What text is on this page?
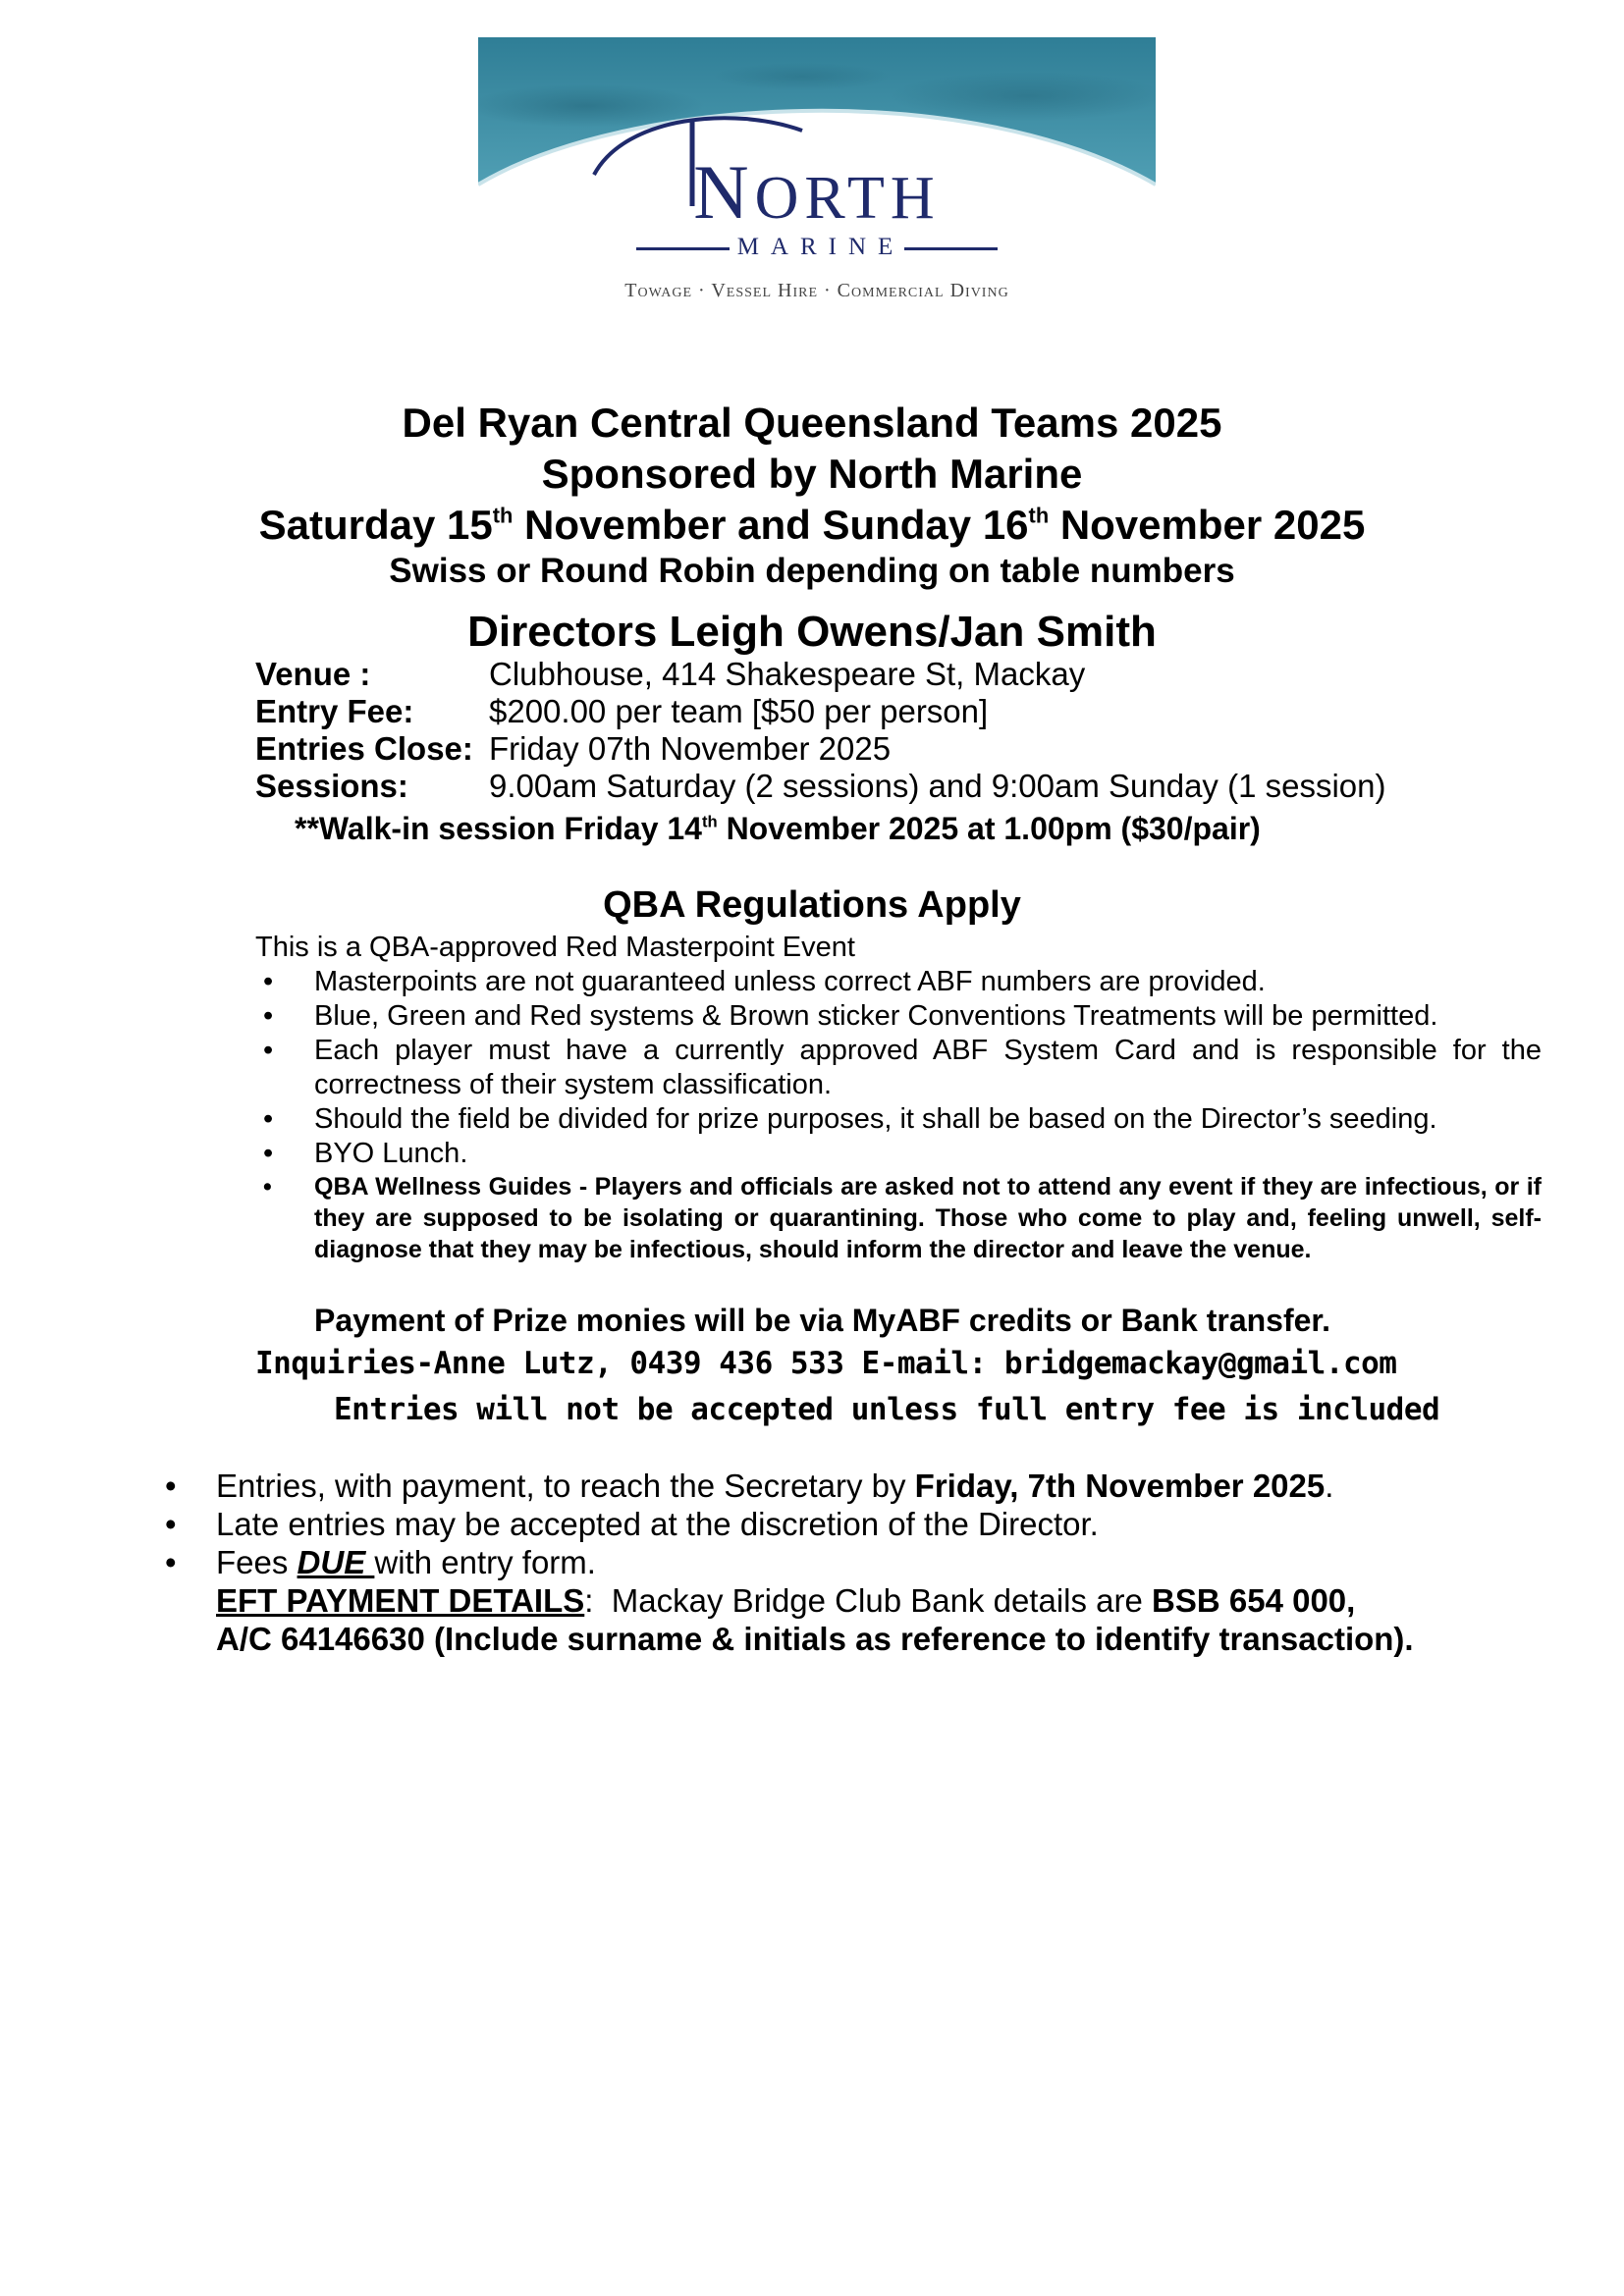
NORTH
MARINE
Towage · Vessel Hire · Commercial Diving
Del Ryan Central Queensland Teams 2025
Sponsored by North Marine
Saturday 15th November and Sunday 16th November 2025
Swiss or Round Robin depending on table numbers
Directors Leigh Owens/Jan Smith
Venue :	Clubhouse, 414 Shakespeare St, Mackay
Entry Fee: $200.00 per team [$50 per person]
Entries Close: Friday 07th November 2025
Sessions: 9.00am Saturday (2 sessions) and 9:00am Sunday (1 session)
**Walk-in session Friday 14th November 2025 at 1.00pm ($30/pair)
QBA Regulations Apply
This is a QBA-approved Red Masterpoint Event
• Masterpoints are not guaranteed unless correct ABF numbers are provided.
• Blue, Green and Red systems & Brown sticker Conventions Treatments will be permitted.
• Each player must have a currently approved ABF System Card and is responsible for the correctness of their system classification.
• Should the field be divided for prize purposes, it shall be based on the Director’s seeding.
• BYO Lunch.
• QBA Wellness Guides - Players and officials are asked not to attend any event if they are infectious, or if they are supposed to be isolating or quarantining. Those who come to play and, feeling unwell, self-diagnose that they may be infectious, should inform the director and leave the venue.
Payment of Prize monies will be via MyABF credits or Bank transfer.
Inquiries-Anne Lutz, 0439 436 533 E-mail: bridgemackay@gmail.com
Entries will not be accepted unless full entry fee is included
• Entries, with payment, to reach the Secretary by Friday, 7th November 2025.
• Late entries may be accepted at the discretion of the Director.
• Fees DUE with entry form.
EFT PAYMENT DETAILS:  Mackay Bridge Club Bank details are BSB 654 000,
A/C 64146630 (Include surname & initials as reference to identify transaction).
